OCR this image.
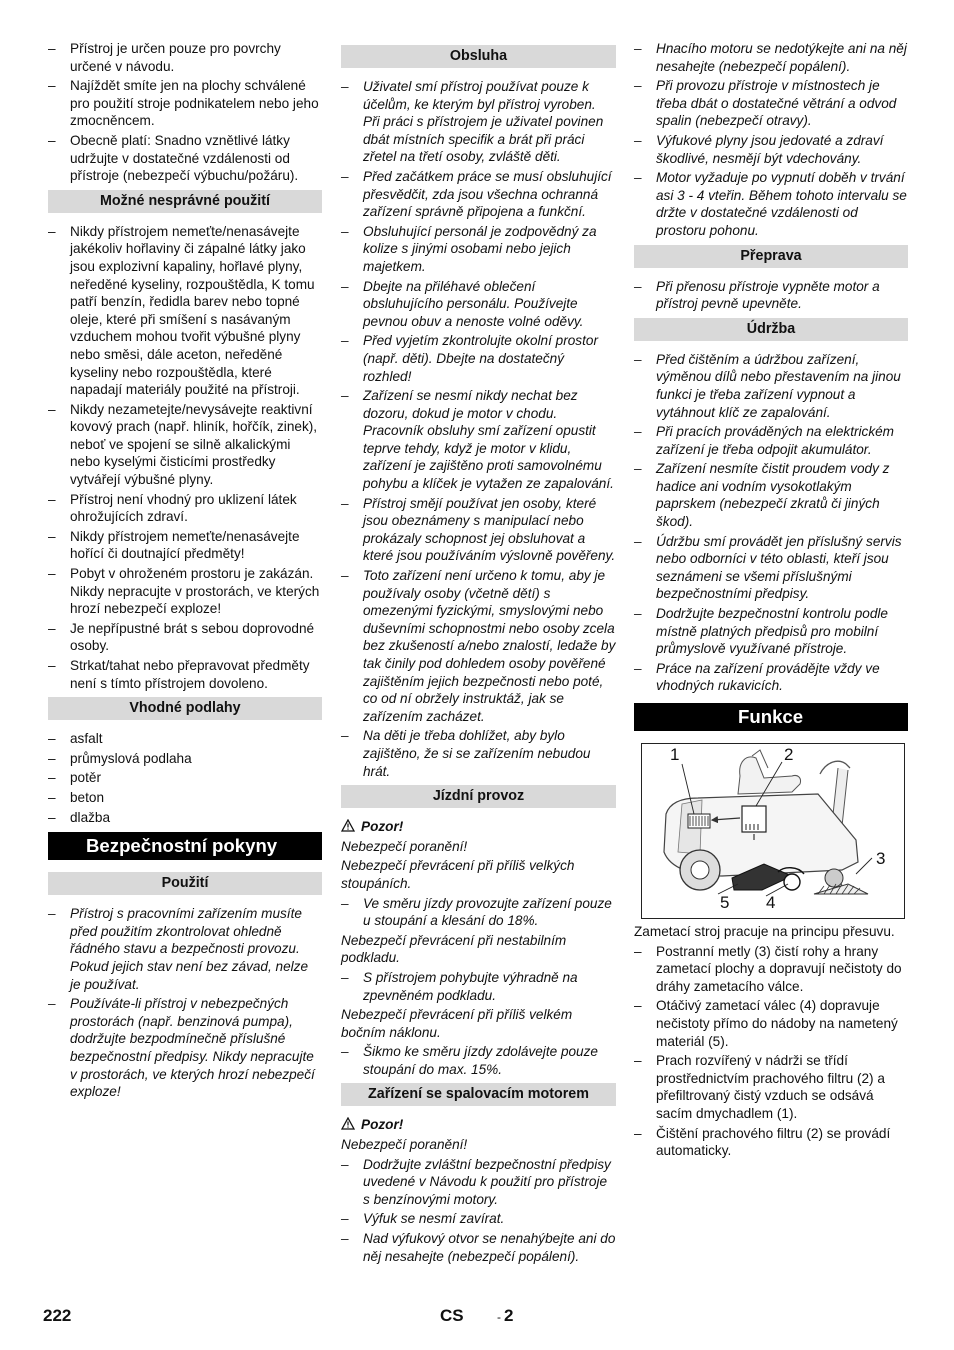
– Přístroj je určen pouze pro povrchy určené v návodu.
– Najíždět smíte jen na plochy schválené pro použití stroje podnikatelem nebo jeho zmocněncem.
– Obecně platí: Snadno vznětlivé látky udržujte v dostatečné vzdálenosti od přístroje (nebezpečí výbuchu/požáru).
Možné nesprávné použití
– Nikdy přístrojem nemeťte/nenasávejte jakékoliv hořlaviny či zápalné látky jako jsou explozivní kapaliny, hořlavé plyny, neředěné kyseliny, rozpouštědla, K tomu patří benzín, ředidla barev nebo topné oleje, které při smíšení s nasávaným vzduchem mohou tvořit výbušné plyny nebo směsi, dále aceton, neředěné kyseliny nebo rozpouštědla, které napadají materiály použité na přístroji.
– Nikdy nezametejte/nevysávejte reaktivní kovový prach (např. hliník, hořčík, zinek), neboť ve spojení se silně alkalickými nebo kyselými čisticími prostředky vytvářejí výbušné plyny.
– Přístroj není vhodný pro uklizení látek ohrožujících zdraví.
– Nikdy přístrojem nemeťte/nenasávejte hořící či doutnající předměty!
– Pobyt v ohroženém prostoru je zakázán. Nikdy nepracujte v prostorách, ve kterých hrozí nebezpečí exploze!
– Je nepřípustné brát s sebou doprovodné osoby.
– Strkat/tahat nebo přepravovat předměty není s tímto přístrojem dovoleno.
Vhodné podlahy
– asfalt
– průmyslová podlaha
– potěr
– beton
– dlažba
Bezpečnostní pokyny
Použití
– Přístroj s pracovními zařízením musíte před použitím zkontrolovat ohledně řádného stavu a bezpečnosti provozu. Pokud jejich stav není bez závad, nelze je používat.
– Používáte-li přístroj v nebezpečných prostorách (např. benzinová pumpa), dodržujte bezpodmínečně příslušné bezpečnostní předpisy. Nikdy nepracujte v prostorách, ve kterých hrozí nebezpečí exploze!
Obsluha
– Uživatel smí přístroj používat pouze k účelům, ke kterým byl přístroj vyroben. Při práci s přístrojem je uživatel povinen dbát místních specifik a brát při práci zřetel na třetí osoby, zvláště děti.
– Před začátkem práce se musí obsluhující přesvědčit, zda jsou všechna ochranná zařízení správně připojena a funkční.
– Obsluhující personál je zodpovědný za kolize s jinými osobami nebo jejich majetkem.
– Dbejte na přiléhavé oblečení obsluhujícího personálu. Používejte pevnou obuv a nenoste volné oděvy.
– Před vyjetím zkontrolujte okolní prostor (např. děti). Dbejte na dostatečný rozhled!
– Zařízení se nesmí nikdy nechat bez dozoru, dokud je motor v chodu. Pracovník obsluhy smí zařízení opustit teprve tehdy, když je motor v klidu, zařízení je zajištěno proti samovolnému pohybu a klíček je vytažen ze zapalování.
– Přístroj smějí používat jen osoby, které jsou obeznámeny s manipulací nebo prokázaly schopnost jej obsluhovat a které jsou používáním výslovně pověřeny.
– Toto zařízení není určeno k tomu, aby je používaly osoby (včetně dětí) s omezenými fyzickými, smyslovými nebo duševními schopnostmi nebo osoby zcela bez zkušeností a/nebo znalostí, ledaže by tak činily pod dohledem osoby pověřené zajištěním jejich bezpečnosti nebo poté, co od ní obržely instruktáž, jak se zařízením zacházet.
– Na děti je třeba dohlížet, aby bylo zajištěno, že si se zařízením nebudou hrát.
Jízdní provoz
Pozor!

Nebezpečí poranění!

Nebezpečí převrácení při příliš velkých stoupáních.

– Ve směru jízdy provozujte zařízení pouze u stoupání a klesání do 18%.

Nebezpečí převrácení při nestabilním podkladu.

– S přístrojem pohybujte výhradně na zpevněném podkladu.

Nebezpečí převrácení při příliš velkém bočním náklonu.

– Šikmo ke směru jízdy zdolávejte pouze stoupání do max. 15%.
Zařízení se spalovacím motorem
Pozor!

Nebezpečí poranění!

– Dodržujte zvláštní bezpečnostní předpisy uvedené v Návodu k použití pro přístroje s benzínovými motory.
– Výfuk se nesmí zavírat.
– Nad výfukový otvor se nenahýbejte ani do něj nesahejte (nebezpečí popálení).
– Hnacího motoru se nedotýkejte ani na něj nesahejte (nebezpečí popálení).
– Při provozu přístroje v místnostech je třeba dbát o dostatečné větrání a odvod spalin (nebezpečí otravy).
– Výfukové plyny jsou jedovaté a zdraví škodlivé, nesmějí být vdechovány.
– Motor vyžaduje po vypnutí doběh v trvání asi 3 - 4 vteřin. Během tohoto intervalu se držte v dostatečné vzdálenosti od prostoru pohonu.
Přeprava
– Při přenosu přístroje vypněte motor a přístroj pevně upevněte.
Údržba
– Před čištěním a údržbou zařízení, výměnou dílů nebo přestavením na jinou funkci je třeba zařízení vypnout a vytáhnout klíč ze zapalování.
– Při pracích prováděných na elektrickém zařízení je třeba odpojit akumulátor.
– Zařízení nesmíte čistit proudem vody z hadice ani vodním vysokotlakým paprskem (nebezpečí zkratů či jiných škod).
– Údržbu smí provádět jen příslušný servis nebo odborníci v této oblasti, kteří jsou seznámeni se všemi příslušnými bezpečnostními předpisy.
– Dodržujte bezpečnostní kontrolu podle místně platných předpisů pro mobilní průmyslově využívané přístroje.
– Práce na zařízení provádějte vždy ve vhodných rukavicích.
Funkce
1	2
3
4
5

Zametací stroj pracuje na principu přesuvu.

– Postranní metly (3) čistí rohy a hrany zametací plochy a dopravují nečistoty do dráhy zametacího válce.
– Otáčivý zametací válec (4) dopravuje nečistoty přímo do nádoby na nametený materiál (5).
– Prach rozvířený v nádrži se třídí prostřednictvím prachového filtru (2) a přefiltrovaný čistý vzduch se odsává sacím dmychadlem (1).
– Čištění prachového filtru (2) se provádí automaticky.
222	CS	- 2
